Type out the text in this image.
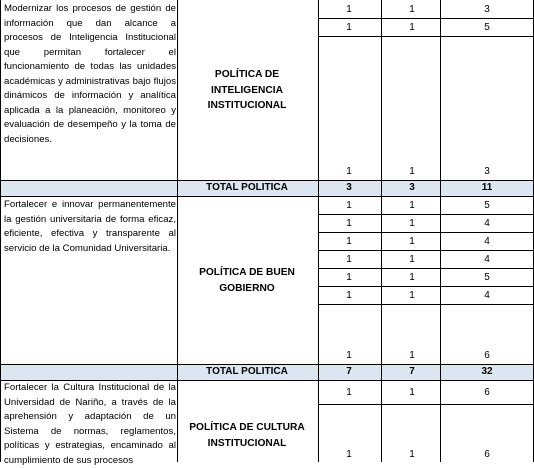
Modernizar los procesos de gestión de información que dan alcance a procesos de Inteligencia Institucional que permitan fortalecer el funcionamiento de todas las unidades académicas y administrativas bajo flujos dinámicos de información y analítica aplicada a la planeación, monitoreo y evaluación de desempeño y la toma de decisiones.
POLÍTICA DE INTELIGENCIA INSTITUCIONAL
1	1	3
1	1	5
1	1	3
TOTAL POLITICA	3	3	11
Fortalecer e innovar permanentemente la gestión universitaria de forma eficaz, eficiente, efectiva y transparente al servicio de la Comunidad Universitaria.
POLÍTICA DE BUEN GOBIERNO
1	1	5
1	1	4
1	1	4
1	1	4
1	1	5
1	1	4
1	1	6
TOTAL POLITICA	7	7	32
Fortalecer la Cultura Institucional de la Universidad de Nariño, a través de la aprehensión y adaptación de un Sistema de normas, reglamentos, políticas y estrategias, encaminado al cumplimiento de sus procesos
POLÍTICA DE CULTURA INSTITUCIONAL
1	1	6
1	1	6
